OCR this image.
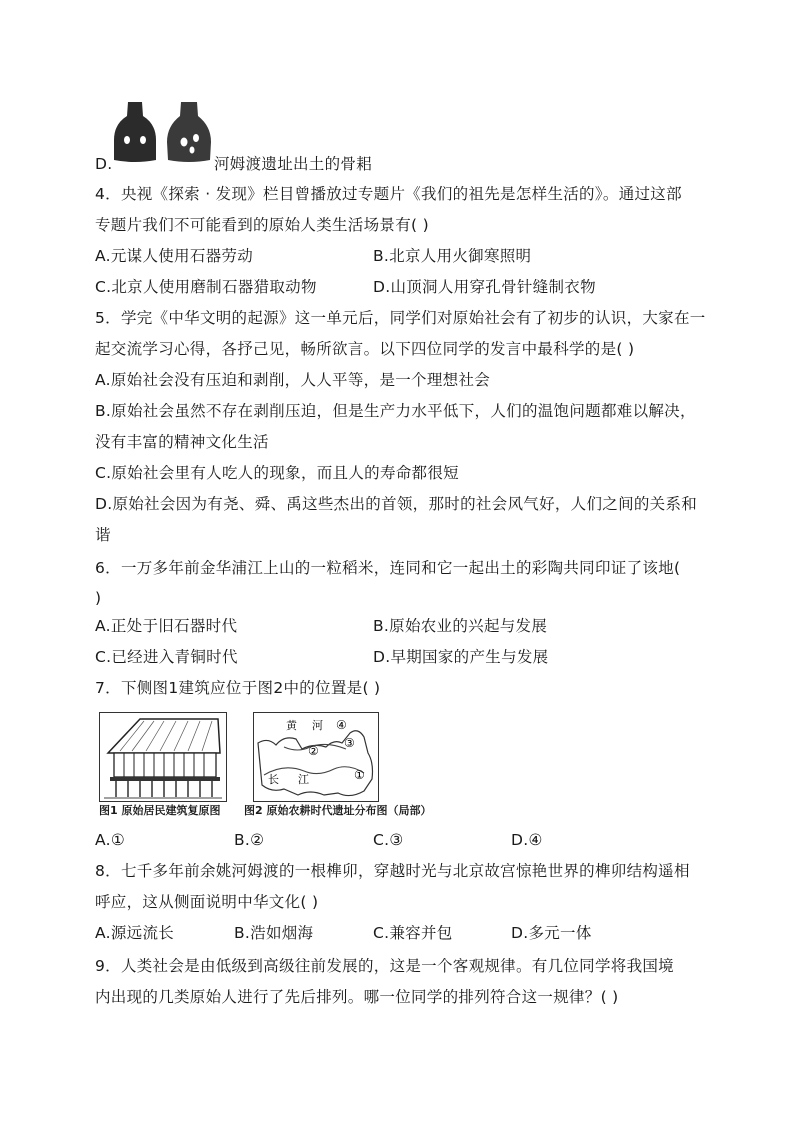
D.	河姆渡遗址出土的骨耜
4．央视《探索 · 发现》栏目曾播放过专题片《我们的祖先是怎样生活的》。通过这部
专题片我们不可能看到的原始人类生活场景有( )
A.元谋人使用石器劳动	B.北京人用火御寒照明
C.北京人使用磨制石器猎取动物	D.山顶洞人用穿孔骨针缝制衣物
5．学完《中华文明的起源》这一单元后，同学们对原始社会有了初步的认识，大家在一
起交流学习心得，各抒己见，畅所欲言。以下四位同学的发言中最科学的是( )
A.原始社会没有压迫和剥削，人人平等，是一个理想社会
B.原始社会虽然不存在剥削压迫，但是生产力水平低下，人们的温饱问题都难以解决，
没有丰富的精神文化生活
C.原始社会里有人吃人的现象，而且人的寿命都很短
D.原始社会因为有尧、舜、禹这些杰出的首领，那时的社会风气好，人们之间的关系和
谐
6．一万多年前金华浦江上山的一粒稻米，连同和它一起出土的彩陶共同印证了该地(
)
A.正处于旧石器时代	B.原始农业的兴起与发展
C.已经进入青铜时代	D.早期国家的产生与发展
7．下侧图1建筑应位于图2中的位置是( )
黄 河 ④
③
②
①
长 江
图1 原始居民建筑复原图 图2 原始农耕时代遗址分布图（局部）
A.①	B.②	C.③	D.④
8．七千多年前余姚河姆渡的一根榫卯，穿越时光与北京故宫惊艳世界的榫卯结构遥相
呼应，这从侧面说明中华文化( )
A.源远流长	B.浩如烟海	C.兼容并包	D.多元一体
9．人类社会是由低级到高级往前发展的，这是一个客观规律。有几位同学将我国境
内出现的几类原始人进行了先后排列。哪一位同学的排列符合这一规律？( )
